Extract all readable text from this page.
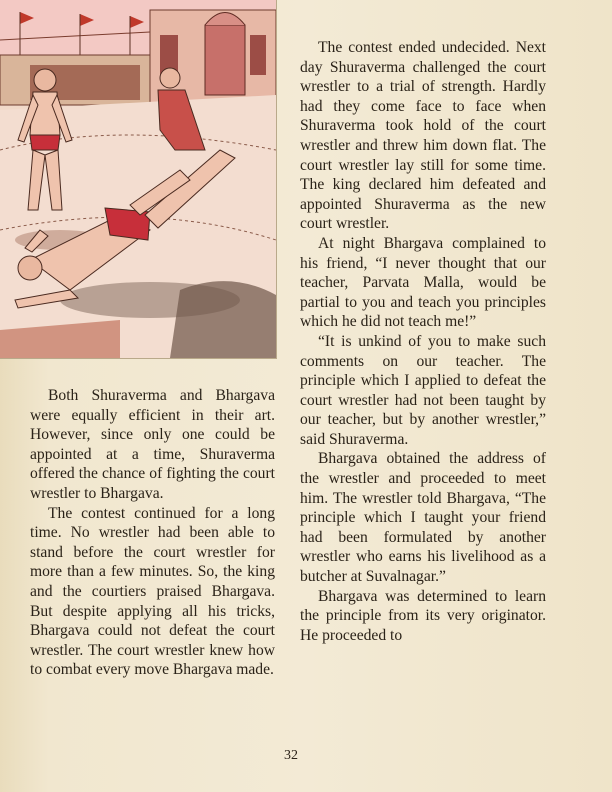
Both Shuraverma and Bhargava were equally efficient in their art. However, since only one could be appointed at a time, Shuraverma offered the chance of fighting the court wrestler to Bhargava.

The contest continued for a long time. No wrestler had been able to stand before the court wrestler for more than a few minutes. So, the king and the courtiers praised Bhargava. But despite applying all his tricks, Bhargava could not defeat the court wrestler. The court wrestler knew how to combat every move Bhargava made.

The contest ended undecided. Next day Shuraverma challenged the court wrestler to a trial of strength. Hardly had they come face to face when Shuraverma took hold of the court wrestler and threw him down flat. The court wrestler lay still for some time. The king declared him defeated and appointed Shuraverma as the new court wrestler.

At night Bhargava complained to his friend, “I never thought that our teacher, Parvata Malla, would be partial to you and teach you principles which he did not teach me!”

“It is unkind of you to make such comments on our teacher. The principle which I applied to defeat the court wrestler had not been taught by our teacher, but by another wrestler,” said Shuraverma.

Bhargava obtained the address of the wrestler and proceeded to meet him. The wrestler told Bhargava, “The principle which I taught your friend had been formulated by another wrestler who earns his livelihood as a butcher at Suvalnagar.”

Bhargava was determined to learn the principle from its very originator. He proceeded to

32
